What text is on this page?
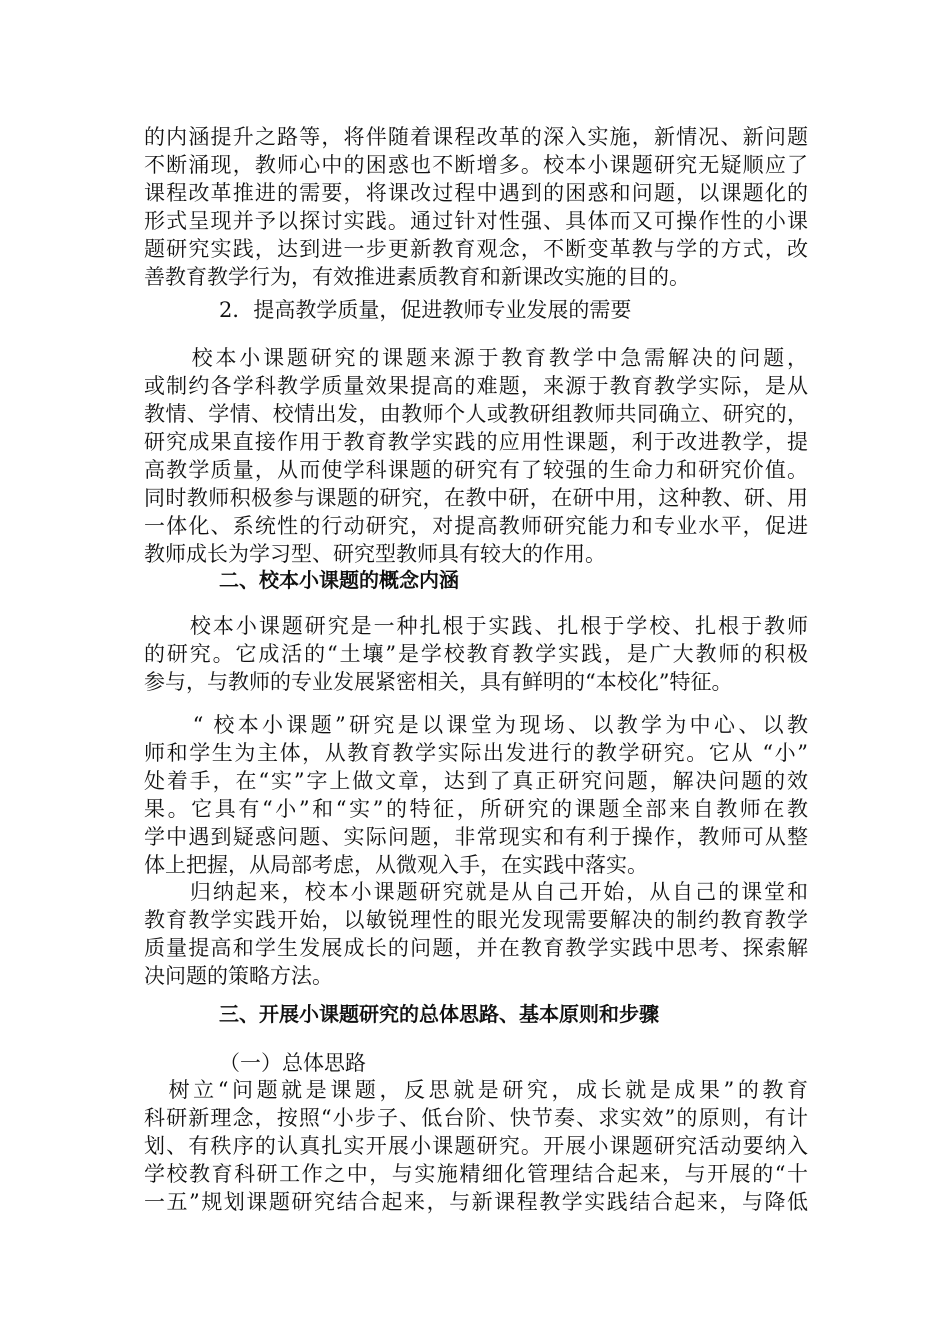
的内涵提升之路等，将伴随着课程改革的深入实施，新情况、新问题
不断涌现，教师心中的困惑也不断增多。校本小课题研究无疑顺应了
课程改革推进的需要，将课改过程中遇到的困惑和问题，以课题化的
形式呈现并予以探讨实践。通过针对性强、具体而又可操作性的小课
题研究实践，达到进一步更新教育观念，不断变革教与学的方式，改
善教育教学行为，有效推进素质教育和新课改实施的目的。
2．提高教学质量，促进教师专业发展的需要
　　校本小课题研究的课题来源于教育教学中急需解决的问题，
或制约各学科教学质量效果提高的难题，来源于教育教学实际，是从
教情、学情、校情出发，由教师个人或教研组教师共同确立、研究的，
研究成果直接作用于教育教学实践的应用性课题，利于改进教学，提
高教学质量，从而使学科课题的研究有了较强的生命力和研究价值。
同时教师积极参与课题的研究，在教中研，在研中用，这种教、研、用
一体化、系统性的行动研究，对提高教师研究能力和专业水平，促进
教师成长为学习型、研究型教师具有较大的作用。
二、校本小课题的概念内涵
　　校本小课题研究是一种扎根于实践、扎根于学校、扎根于教师
的研究。它成活的“土壤”是学校教育教学实践，是广大教师的积极
参与，与教师的专业发展紧密相关，具有鲜明的“本校化”特征。
　　“ 校本小课题”研究是以课堂为现场、以教学为中心、以教
师和学生为主体，从教育教学实际出发进行的教学研究。它从 “小”
处着手，在“实”字上做文章，达到了真正研究问题，解决问题的效
果。它具有“小”和“实”的特征，所研究的课题全部来自教师在教
学中遇到疑惑问题、实际问题，非常现实和有利于操作，教师可从整
体上把握，从局部考虑，从微观入手，在实践中落实。
　　归纳起来，校本小课题研究就是从自己开始，从自己的课堂和
教育教学实践开始，以敏锐理性的眼光发现需要解决的制约教育教学
质量提高和学生发展成长的问题，并在教育教学实践中思考、探索解
决问题的策略方法。
三、开展小课题研究的总体思路、基本原则和步骤
（一）总体思路
　树立“问题就是课题，反思就是研究，成长就是成果”的教育
科研新理念，按照“小步子、低台阶、快节奏、求实效”的原则，有计
划、有秩序的认真扎实开展小课题研究。开展小课题研究活动要纳入
学校教育科研工作之中，与实施精细化管理结合起来，与开展的“十
一五”规划课题研究结合起来，与新课程教学实践结合起来，与降低
